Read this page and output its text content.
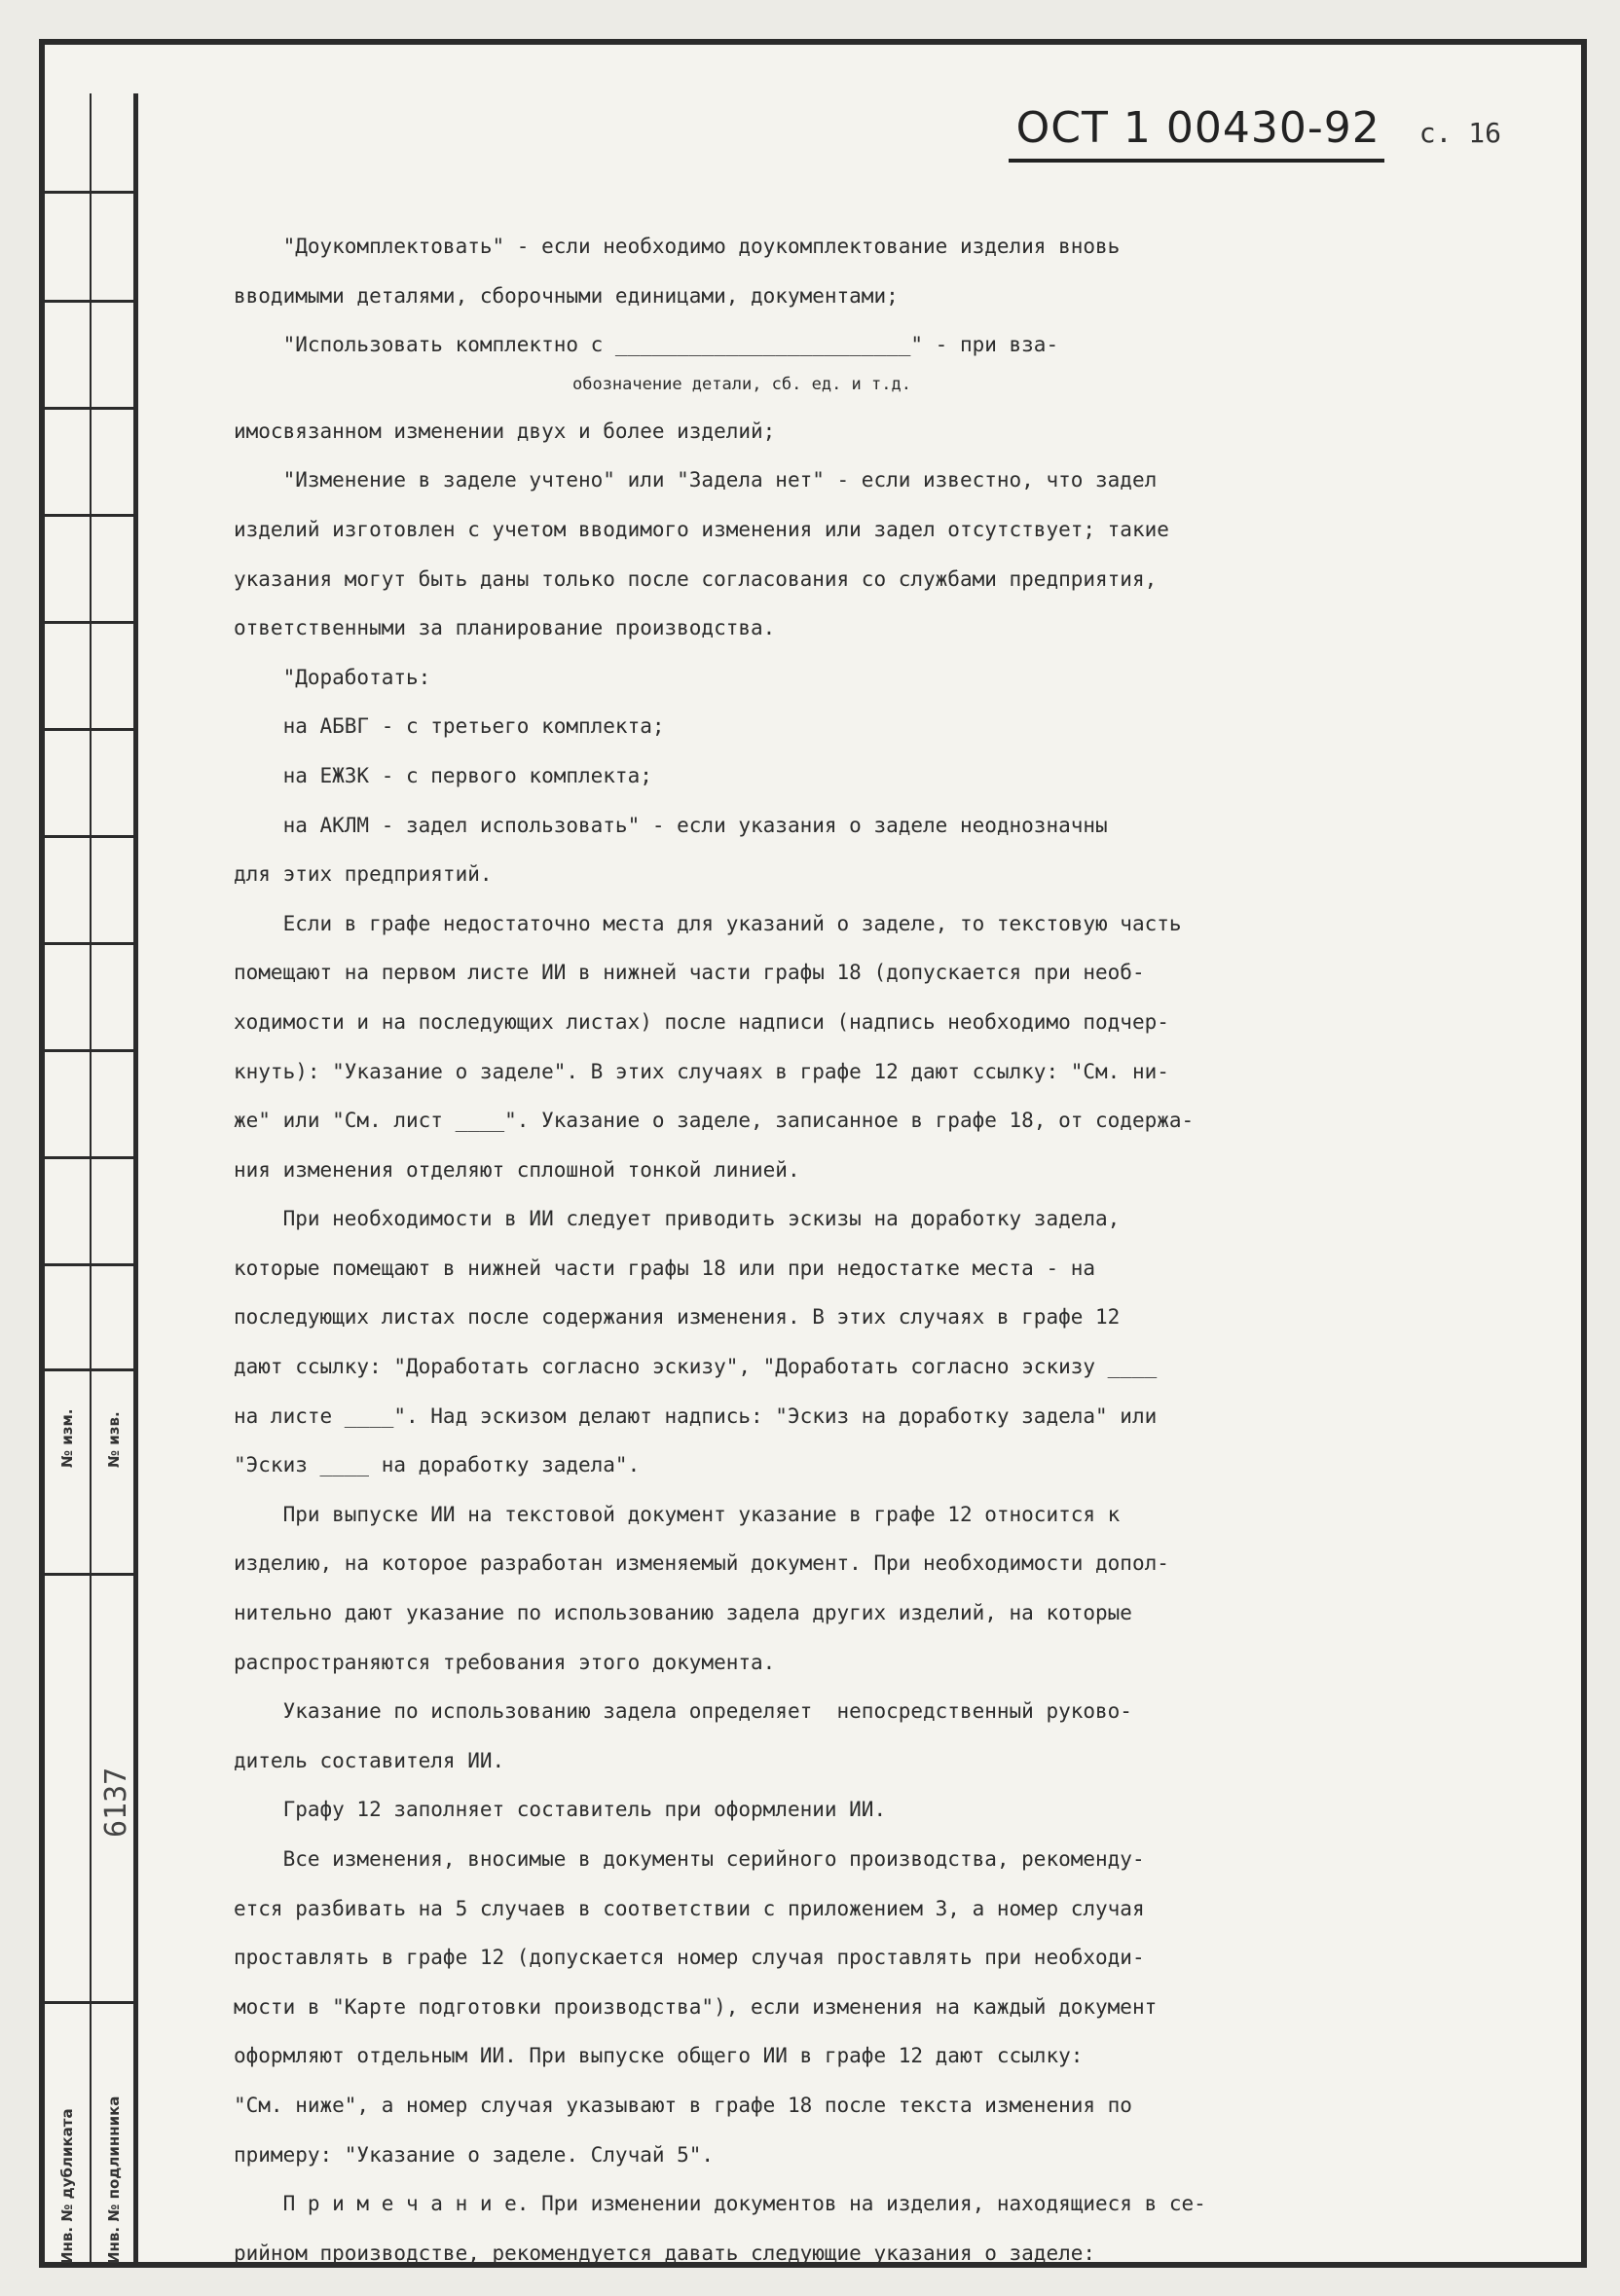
№ изм. № изв.
6137
Инв. № дубликата Инв. № подлинника
ОСТ 1 00430-92 с. 16
"Доукомплектовать" - если необходимо доукомплектование изделия вновь
вводимыми деталями, сборочными единицами, документами;
"Использовать комплектно с ________________________" - при вза-
обозначение детали, сб. ед. и т.д.
имосвязанном изменении двух и более изделий;
"Изменение в заделе учтено" или "Задела нет" - если известно, что задел
изделий изготовлен с учетом вводимого изменения или задел отсутствует; такие
указания могут быть даны только после согласования со службами предприятия,
ответственными за планирование производства.
"Доработать:
на АБВГ - с третьего комплекта;
на ЕЖЗК - с первого комплекта;
на АКЛМ - задел использовать" - если указания о заделе неоднозначны
для этих предприятий.
Если в графе недостаточно места для указаний о заделе, то текстовую часть
помещают на первом листе ИИ в нижней части графы 18 (допускается при необ-
ходимости и на последующих листах) после надписи (надпись необходимо подчер-
кнуть): "Указание о заделе". В этих случаях в графе 12 дают ссылку: "См. ни-
же" или "См. лист ____". Указание о заделе, записанное в графе 18, от содержа-
ния изменения отделяют сплошной тонкой линией.
При необходимости в ИИ следует приводить эскизы на доработку задела,
которые помещают в нижней части графы 18 или при недостатке места - на
последующих листах после содержания изменения. В этих случаях в графе 12
дают ссылку: "Доработать согласно эскизу", "Доработать согласно эскизу ____
на листе ____". Над эскизом делают надпись: "Эскиз на доработку задела" или
"Эскиз ____ на доработку задела".
При выпуске ИИ на текстовой документ указание в графе 12 относится к
изделию, на которое разработан изменяемый документ. При необходимости допол-
нительно дают указание по использованию задела других изделий, на которые
распространяются требования этого документа.
Указание по использованию задела определяет  непосредственный руково-
дитель составителя ИИ.
Графу 12 заполняет составитель при оформлении ИИ.
Все изменения, вносимые в документы серийного производства, рекоменду-
ется разбивать на 5 случаев в соответствии с приложением 3, а номер случая
проставлять в графе 12 (допускается номер случая проставлять при необходи-
мости в "Карте подготовки производства"), если изменения на каждый документ
оформляют отдельным ИИ. При выпуске общего ИИ в графе 12 дают ссылку:
"См. ниже", а номер случая указывают в графе 18 после текста изменения по
примеру: "Указание о заделе. Случай 5".
П р и м е ч а н и е. При изменении документов на изделия, находящиеся в се-
рийном производстве, рекомендуется давать следующие указания о заделе:
